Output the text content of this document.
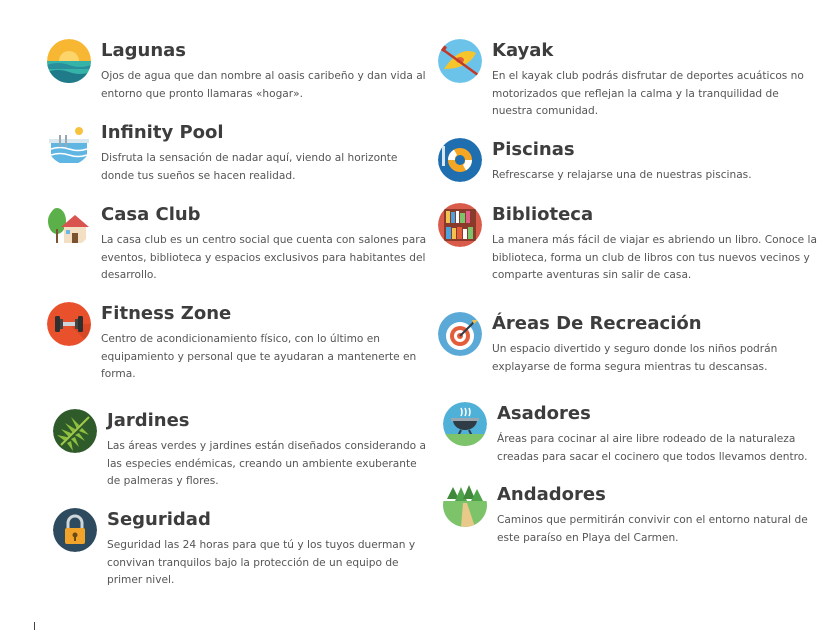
Lagunas

Ojos de agua que dan nombre al oasis caribeño y dan vida al
entorno que pronto llamaras «hogar».

Infinity Pool

Disfruta la sensación de nadar aquí, viendo al horizonte
donde tus sueños se hacen realidad.

Casa Club

La casa club es un centro social que cuenta con salones para
eventos, biblioteca y espacios exclusivos para habitantes del
desarrollo.

Fitness Zone

Centro de acondicionamiento físico, con lo último en
equipamiento y personal que te ayudaran a mantenerte en
forma.

Jardines

Las áreas verdes y jardines están diseñados considerando a
las especies endémicas, creando un ambiente exuberante
de palmeras y flores.

Seguridad

Seguridad las 24 horas para que tú y los tuyos duerman y
convivan tranquilos bajo la protección de un equipo de
primer nivel.

Kayak

En el kayak club podrás disfrutar de deportes acuáticos no
motorizados que reflejan la calma y la tranquilidad de
nuestra comunidad.

Piscinas

Refrescarse y relajarse una de nuestras piscinas.

Biblioteca

La manera más fácil de viajar es abriendo un libro. Conoce la
biblioteca, forma un club de libros con tus nuevos vecinos y
comparte aventuras sin salir de casa.

Áreas De Recreación

Un espacio divertido y seguro donde los niños podrán
explayarse de forma segura mientras tu descansas.

Asadores

Áreas para cocinar al aire libre rodeado de la naturaleza
creadas para sacar el cocinero que todos llevamos dentro.

Andadores

Caminos que permitirán convivir con el entorno natural de
este paraíso en Playa del Carmen.
